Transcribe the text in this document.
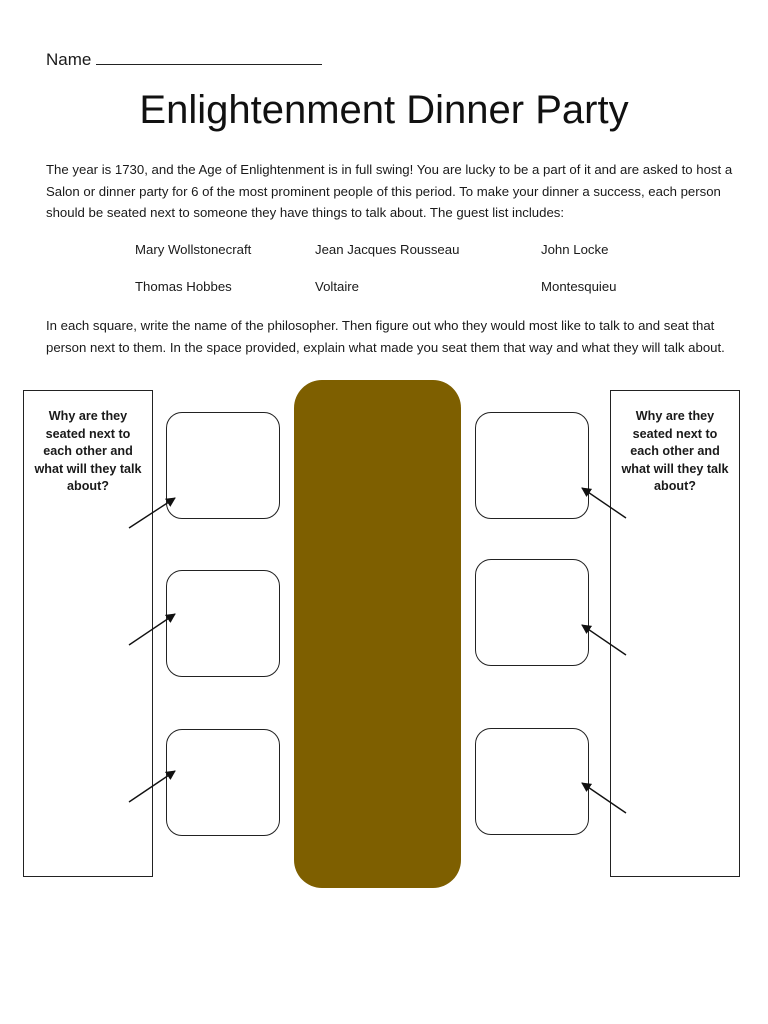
Name
Enlightenment Dinner Party

The year is 1730, and the Age of Enlightenment is in full swing! You are lucky to be a part of it and are asked to host a Salon or dinner party for 6 of the most prominent people of this period. To make your dinner a success, each person should be seated next to someone they have things to talk about. The guest list includes:

Mary Wollstonecraft	Jean Jacques Rousseau	John Locke
Thomas Hobbes	Voltaire	Montesquieu

In each square, write the name of the philosopher. Then figure out who they would most like to talk to and seat that person next to them. In the space provided, explain what made you seat them that way and what they will talk about.

Why are they seated next to each other and what will they talk about?
Why are they seated next to each other and what will they talk about?
